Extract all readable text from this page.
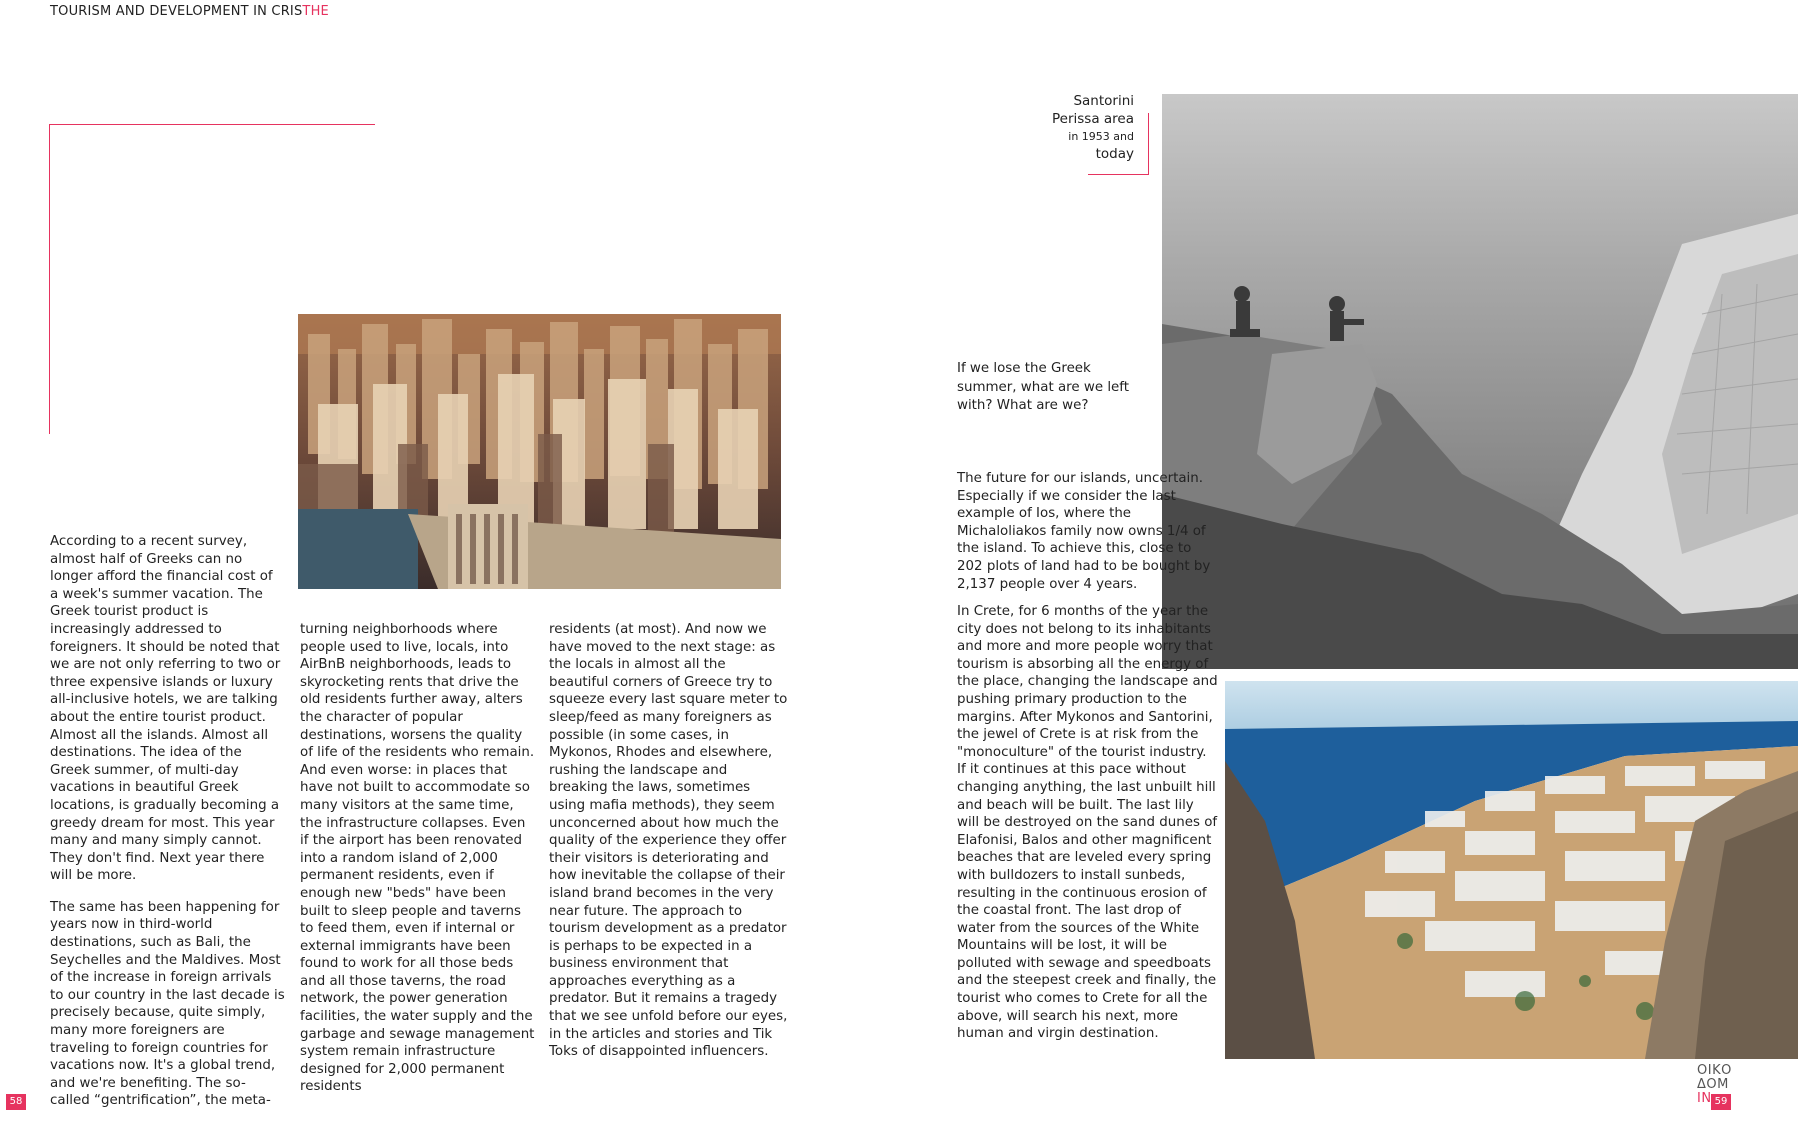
TOURISM AND DEVELOPMENT IN CRISTHE

According to a recent survey, almost half of Greeks can no longer afford the financial cost of a week's summer vacation. The Greek tourist product is increasingly addressed to foreigners. It should be noted that we are not only referring to two or three expensive islands or luxury all-inclusive hotels, we are talking about the entire tourist product. Almost all the islands. Almost all destinations. The idea of the Greek summer, of multi-day vacations in beautiful Greek locations, is gradually becoming a greedy dream for most. This year many and many simply cannot. They don't find. Next year there will be more.

The same has been happening for years now in third-world destinations, such as Bali, the Seychelles and the Maldives. Most of the increase in foreign arrivals to our country in the last decade is precisely because, quite simply, many more foreigners are traveling to foreign countries for vacations now. It's a global trend, and we're benefiting. The so-called “gentrification”, the meta-

turning neighborhoods where people used to live, locals, into AirBnB neighborhoods, leads to skyrocketing rents that drive the old residents further away, alters the character of popular destinations, worsens the quality of life of the residents who remain. And even worse: in places that have not built to accommodate so many visitors at the same time, the infrastructure collapses. Even if the airport has been renovated into a random island of 2,000 permanent residents, even if enough new "beds" have been built to sleep people and taverns to feed them, even if internal or external immigrants have been found to work for all those beds and all those taverns, the road network, the power generation facilities, the water supply and the garbage and sewage management system remain infrastructure designed for 2,000 permanent residents

residents (at most). And now we have moved to the next stage: as the locals in almost all the beautiful corners of Greece try to squeeze every last square meter to sleep/feed as many foreigners as possible (in some cases, in Mykonos, Rhodes and elsewhere, rushing the landscape and breaking the laws, sometimes using mafia methods), they seem unconcerned about how much the quality of the experience they offer their visitors is deteriorating and how inevitable the collapse of their island brand becomes in the very near future. The approach to tourism development as a predator is perhaps to be expected in a business environment that approaches everything as a predator. But it remains a tragedy that we see unfold before our eyes, in the articles and stories and Tik Toks of disappointed influencers.

Santorini
Perissa area
in 1953 and
today
If we lose the Greek summer, what are we left with? What are we?

The future for our islands, uncertain. Especially if we consider the last example of Ios, where the Michaloliakos family now owns 1/4 of the island. To achieve this, close to 202 plots of land had to be bought by 2,137 people over 4 years.

In Crete, for 6 months of the year the city does not belong to its inhabitants and more and more people worry that tourism is absorbing all the energy of the place, changing the landscape and pushing primary production to the margins. After Mykonos and Santorini, the jewel of Crete is at risk from the "monoculture" of the tourist industry. If it continues at this pace without changing anything, the last unbuilt hill and beach will be built. The last lily will be destroyed on the sand dunes of Elafonisi, Balos and other magnificent beaches that are leveled every spring with bulldozers to install sunbeds, resulting in the continuous erosion of the coastal front. The last drop of water from the sources of the White Mountains will be lost, it will be polluted with sewage and speedboats and the steepest creek and finally, the tourist who comes to Crete for all the above, will search his next, more human and virgin destination.

58	59
ΟΙΚΟ
ΔΟΜ
IN
